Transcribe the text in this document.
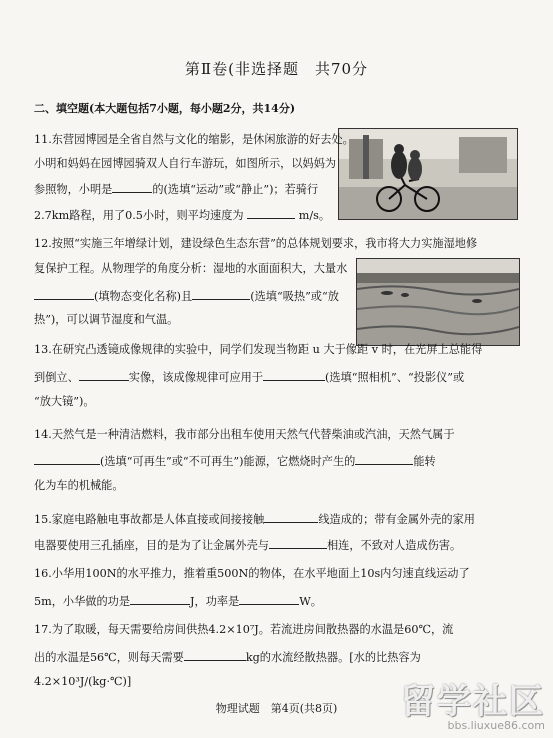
第Ⅱ卷(非选择题　共70分
二、填空题(本大题包括7小题，每小题2分，共14分)
11.东营园博园是全省自然与文化的缩影，是休闲旅游的好去处。
小明和妈妈在园博园骑双人自行车游玩，如图所示，以妈妈为
参照物，小明是	的(选填“运动”或“静止”)；若骑行
2.7km路程，用了0.5小时，则平均速度为	m/s。
12.按照“实施三年增绿计划，建设绿色生态东营”的总体规划要求，我市将大力实施湿地修
复保护工程。从物理学的角度分析：湿地的水面面积大，大量水
(填物态变化名称)且	(选填“吸热”或“放
热”)，可以调节湿度和气温。
13.在研究凸透镜成像规律的实验中，同学们发现当物距 u 大于像距 v 时，在光屏上总能得
到倒立、	实像，该成像规律可应用于	(选填“照相机”、“投影仪”或
“放大镜”)。
14.天然气是一种清洁燃料，我市部分出租车使用天然气代替柴油或汽油，天然气属于
(选填“可再生”或“不可再生”)能源，它燃烧时产生的	能转
化为车的机械能。
15.家庭电路触电事故都是人体直接或间接接触	线造成的；带有金属外壳的家用
电器要使用三孔插座，目的是为了让金属外壳与	相连，不致对人造成伤害。
16.小华用100N的水平推力，推着重500N的物体，在水平地面上10s内匀速直线运动了
5m，小华做的功是	J，功率是	W。
17.为了取暖，每天需要给房间供热4.2×10⁷J。若流进房间散热器的水温是60℃，流
出的水温是56℃，则每天需要	kg的水流经散热器。[水的比热容为
4.2×10³J/(kg·℃)]
物理试题　第4页(共8页)	留学社区
bbs.liuxue86.com
